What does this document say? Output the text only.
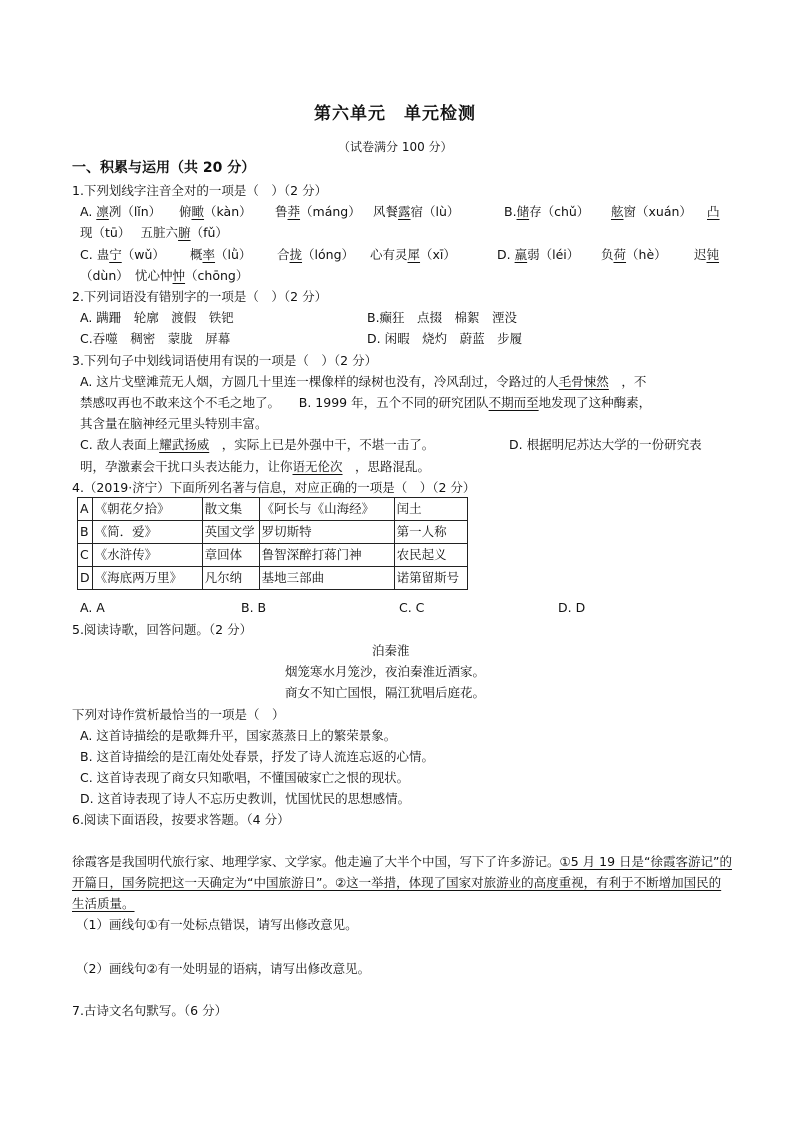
第六单元　单元检测
（试卷满分 100 分）
一、积累与运用（共 20 分）
1.下列划线字注音全对的一项是（　）（2 分）
A. 凛冽（lǐn） 俯瞰（kàn） 鲁莽（máng） 风餐露宿（lù）	B.储存（chǔ） 舷窗（xuán） 凸
现（tū）　 五脏六腑（fǔ）
C. 蛊宁（wǔ） 概率（lǜ） 合拢（lóng） 心有灵犀（xī）	D. 羸弱（léi） 负荷（hè） 迟钝
（dùn）　忧心忡忡（chōng）
2.下列词语没有错别字的一项是（　）（2 分）
A. 蹒跚　轮廓　渡假　铁钯	B.癫狂　点掇　棉絮　湮没
C.吞噬　稠密　蒙胧　屏幕	D. 闲暇　烧灼　蔚蓝　步履
3.下列句子中划线词语使用有误的一项是（　）（2 分）
A. 这片戈壁滩荒无人烟，方圆几十里连一棵像样的绿树也没有，冷风刮过，令路过的人毛骨悚然　 ，不
禁感叹再也不敢来这个不毛之地了。　　 B. 1999 年，五个不同的研究团队不期而至地发现了这种酶素，
其含量在脑神经元里头特别丰富。
C. 敌人表面上耀武扬威　 ，实际上已是外强中干，不堪一击了。	D. 根据明尼苏达大学的一份研究表
明，孕激素会干扰口头表达能力，让你语无伦次　 ，思路混乱。
4.（2019·济宁）下面所列名著与信息，对应正确的一项是（　）（2 分）
A	《朝花夕拾》	散文集	《阿长与《山海经》	闰土
B	《简．爱》	英国文学	罗切斯特	第一人称
C	《水浒传》	章回体	鲁智深醉打蒋门神	农民起义
D	《海底两万里》	凡尔纳	基地三部曲	诺第留斯号
A. A	B. B	C. C	D. D
5.阅读诗歌，回答问题。（2 分）
泊秦淮
烟笼寒水月笼沙，夜泊秦淮近酒家。
商女不知亡国恨，隔江犹唱后庭花。
下列对诗作赏析最恰当的一项是（　）
A. 这首诗描绘的是歌舞升平，国家蒸蒸日上的繁荣景象。
B. 这首诗描绘的是江南处处春景，抒发了诗人流连忘返的心情。
C. 这首诗表现了商女只知歌唱，不懂国破家亡之恨的现状。
D. 这首诗表现了诗人不忘历史教训，忧国忧民的思想感情。
6.阅读下面语段，按要求答题。（4 分）
徐霞客是我国明代旅行家、地理学家、文学家。他走遍了大半个中国，写下了许多游记。①5 月 19 日是“徐霞客游记”的开篇日，国务院把这一天确定为“中国旅游日”。②这一举措，体现了国家对旅游业的高度重视，有利于不断增加国民的生活质量。
（1）画线句①有一处标点错误，请写出修改意见。
（2）画线句②有一处明显的语病，请写出修改意见。
7.古诗文名句默写。（6 分）
